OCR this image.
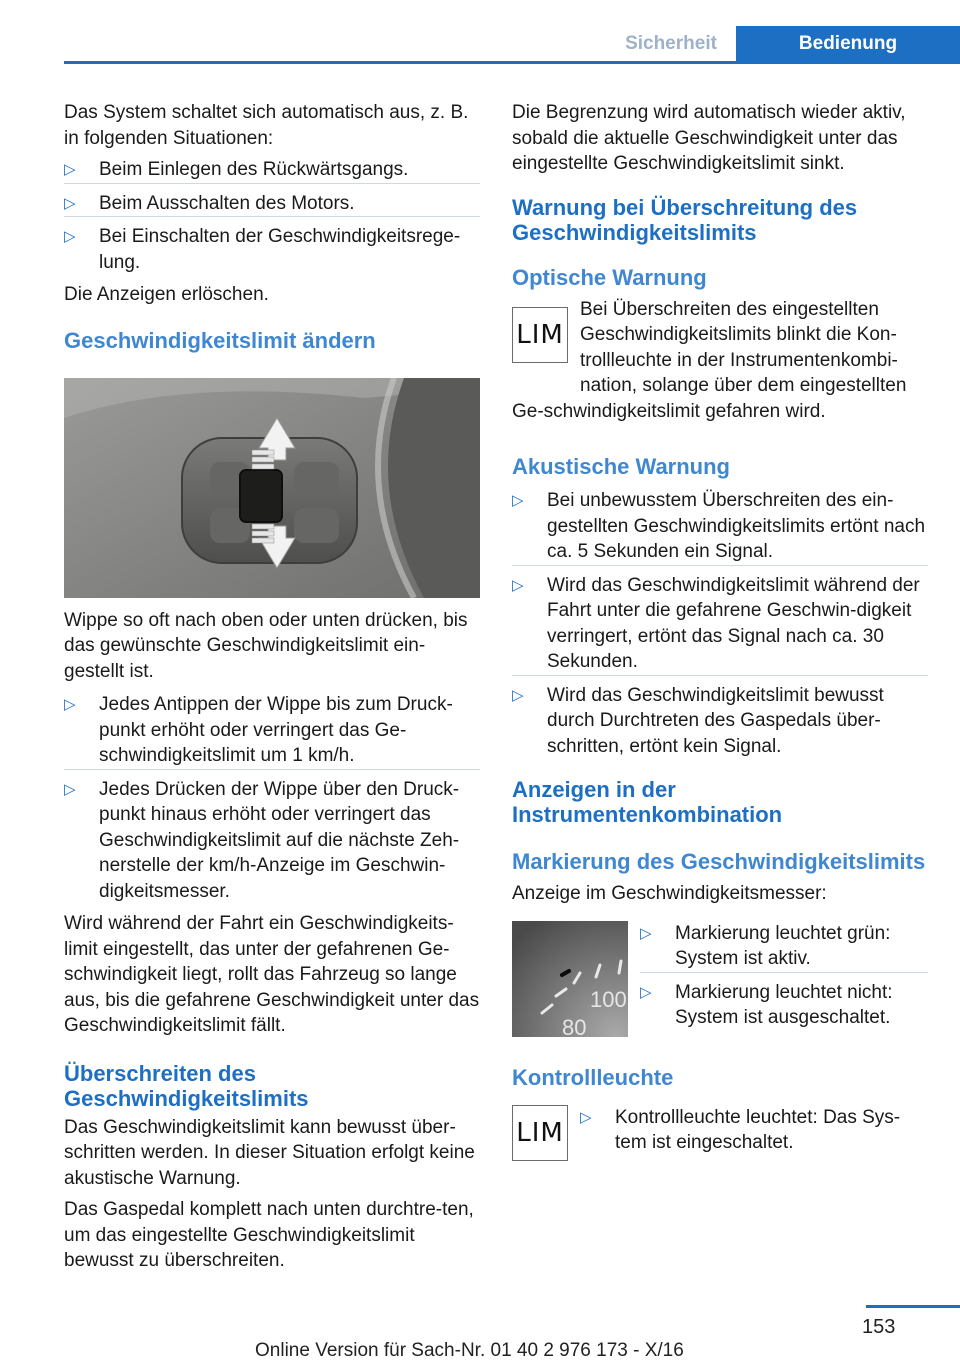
Sicherheit	Bedienung

Das System schaltet sich automatisch aus, z. B. in folgenden Situationen:

▷ Beim Einlegen des Rückwärtsgangs.
▷ Beim Ausschalten des Motors.
▷ Bei Einschalten der Geschwindigkeitsrege-lung.

Die Anzeigen erlöschen.

Geschwindigkeitslimit ändern

Wippe so oft nach oben oder unten drücken, bis das gewünschte Geschwindigkeitslimit ein-gestellt ist.

▷ Jedes Antippen der Wippe bis zum Druck-punkt erhöht oder verringert das Ge-schwindigkeitslimit um 1 km/h.
▷ Jedes Drücken der Wippe über den Druck-punkt hinaus erhöht oder verringert das Geschwindigkeitslimit auf die nächste Zeh-nerstelle der km/h-Anzeige im Geschwin-digkeitsmesser.

Wird während der Fahrt ein Geschwindigkeits-limit eingestellt, das unter der gefahrenen Ge-schwindigkeit liegt, rollt das Fahrzeug so lange aus, bis die gefahrene Geschwindigkeit unter das Geschwindigkeitslimit fällt.

Überschreiten des Geschwindigkeitslimits

Das Geschwindigkeitslimit kann bewusst über-schritten werden. In dieser Situation erfolgt keine akustische Warnung.

Das Gaspedal komplett nach unten durchtre-ten, um das eingestellte Geschwindigkeitslimit bewusst zu überschreiten.

Die Begrenzung wird automatisch wieder aktiv, sobald die aktuelle Geschwindigkeit unter das eingestellte Geschwindigkeitslimit sinkt.

Warnung bei Überschreitung des Geschwindigkeitslimits
Optische Warnung
LIM

Bei Überschreiten des eingestellten Geschwindigkeitslimits blinkt die Kon-trollleuchte in der Instrumentenkombi-nation, solange über dem eingestellten Ge-schwindigkeitslimit gefahren wird.

Akustische Warnung
▷ Bei unbewusstem Überschreiten des ein-gestellten Geschwindigkeitslimits ertönt nach ca. 5 Sekunden ein Signal.
▷ Wird das Geschwindigkeitslimit während der Fahrt unter die gefahrene Geschwin-digkeit verringert, ertönt das Signal nach ca. 30 Sekunden.
▷ Wird das Geschwindigkeitslimit bewusst durch Durchtreten des Gaspedals über-schritten, ertönt kein Signal.
Anzeigen in der Instrumentenkombination
Markierung des Geschwindigkeitslimits

Anzeige im Geschwindigkeitsmesser:

100
80
▷ Markierung leuchtet grün: System ist aktiv.
▷ Markierung leuchtet nicht: System ist ausgeschaltet.
Kontrollleuchte
LIM
▷ Kontrollleuchte leuchtet: Das Sys-tem ist eingeschaltet.
153
Online Version für Sach-Nr. 01 40 2 976 173 - X/16
